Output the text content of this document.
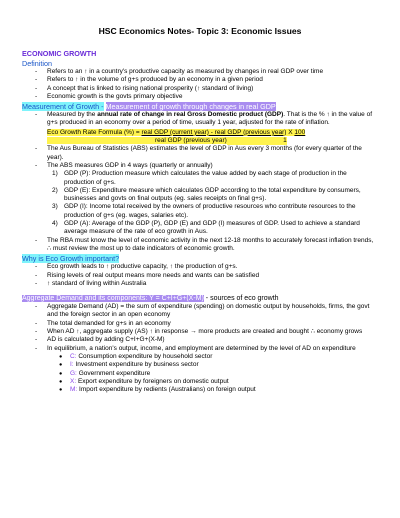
HSC Economics Notes- Topic 3: Economic Issues
ECONOMIC GROWTH
Definition
- Refers to an ↑ in a country's productive capacity as measured by changes in real GDP over time
- Refers to ↑ in the volume of g+s produced by an economy in a given period
- A concept that is linked to rising national prosperity (↑ standard of living)
- Economic growth is the govts primary objective
Measurement of Growth - Measurement of growth through changes in real GDP
- Measured by the annual rate of change in real Gross Domestic product (GDP). That is the % ↑ in the value of g+s produced in an economy over a period of time, usually 1 year, adjusted for the rate of inflation.
Eco Growth Rate Formula (%) = real GDP (current year) - real GDP (previous year) X 100
real GDP (previous year)	1
- The Aus Bureau of Statistics (ABS) estimates the level of GDP in Aus every 3 months (for every quarter of the year).
- The ABS measures GDP in 4 ways (quarterly or annually)
1) GDP (P): Production measure which calculates the value added by each stage of production in the production of g+s.
2) GDP (E): Expenditure measure which calculates GDP according to the total expenditure by consumers, businesses and govts on final outputs (eg. sales receipts on final g+s).
3) GDP (I): Income total received by the owners of productive resources who contribute resources to the production of g+s (eg. wages, salaries etc).
4) GDP (A): Average of the GDP (P), GDP (E) and GDP (I) measures of GDP. Used to achieve a standard average measure of the rate of eco growth in Aus.
- The RBA must know the level of economic activity in the next 12-18 months to accurately forecast inflation trends, ∴ must review the most up to date indicators of economic growth.
Why is Eco Growth important?
- Eco growth leads to ↑ productive capacity, ↑ the production of g+s.
- Rising levels of real output means more needs and wants can be satisfied
- ↑ standard of living within Australia
Aggregate Demand and its components: Y = C+I+G+(X-M) - sources of eco growth
- Aggregate Demand (AD) = the sum of expenditure (spending) on domestic output by households, firms, the govt and the foreign sector in an open economy
- The total demanded for g+s in an economy
- When AD ↑, aggregate supply (AS) ↑ in response → more products are created and bought ∴ economy grows
- AD is calculated by adding C+I+G+(X-M)
- In equilibrium, a nation's output, income, and employment are determined by the level of AD on expenditure
● C: Consumption expenditure by household sector
● I: Investment expenditure by business sector
● G: Government expenditure
● X: Export expenditure by foreigners on domestic output
● M: Import expenditure by redients (Australians) on foreign output
